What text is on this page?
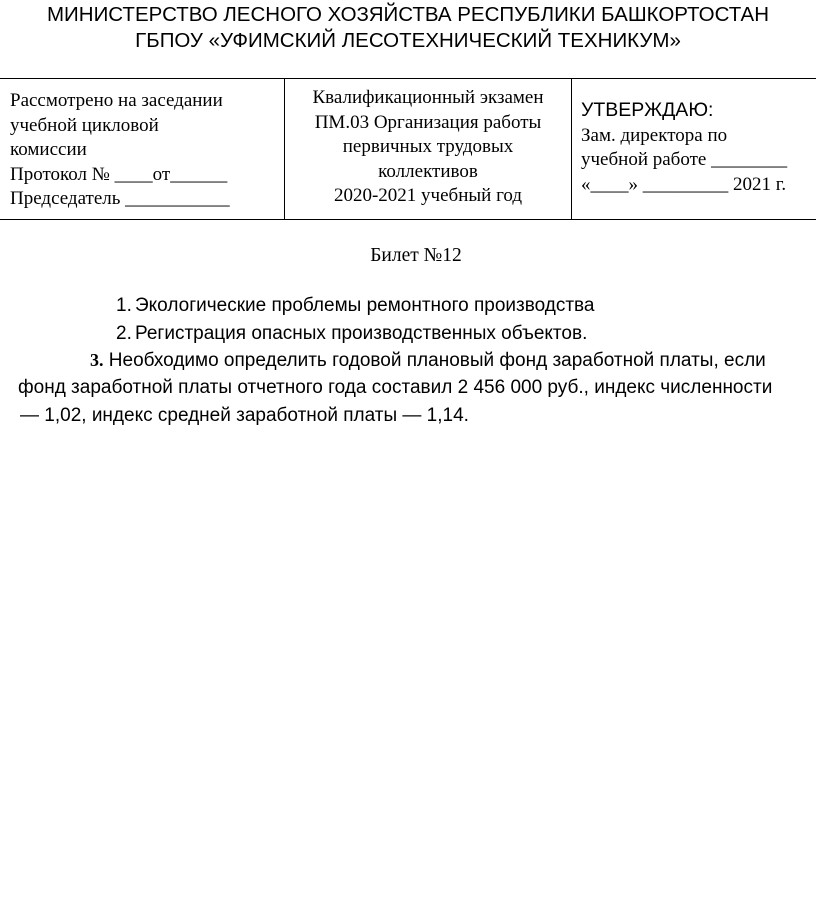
МИНИСТЕРСТВО ЛЕСНОГО ХОЗЯЙСТВА РЕСПУБЛИКИ БАШКОРТОСТАН
ГБПОУ «УФИМСКИЙ ЛЕСОТЕХНИЧЕСКИЙ ТЕХНИКУМ»
Рассмотрено на заседании
учебной цикловой
комиссии
Протокол № ____от______
Председатель ___________
Квалификационный экзамен
ПМ.03 Организация работы
первичных трудовых
коллективов
2020-2021 учебный год
УТВЕРЖДАЮ:
Зам. директора по
учебной работе ________
«____» _________ 2021 г.
Билет №12
1. Экологические проблемы ремонтного производства
2. Регистрация опасных производственных объектов.
3. Необходимо определить годовой плановый фонд заработной платы, если
фонд заработной платы отчетного года составил 2 456 000 руб., индекс численности
— 1,02, индекс средней заработной платы — 1,14.
